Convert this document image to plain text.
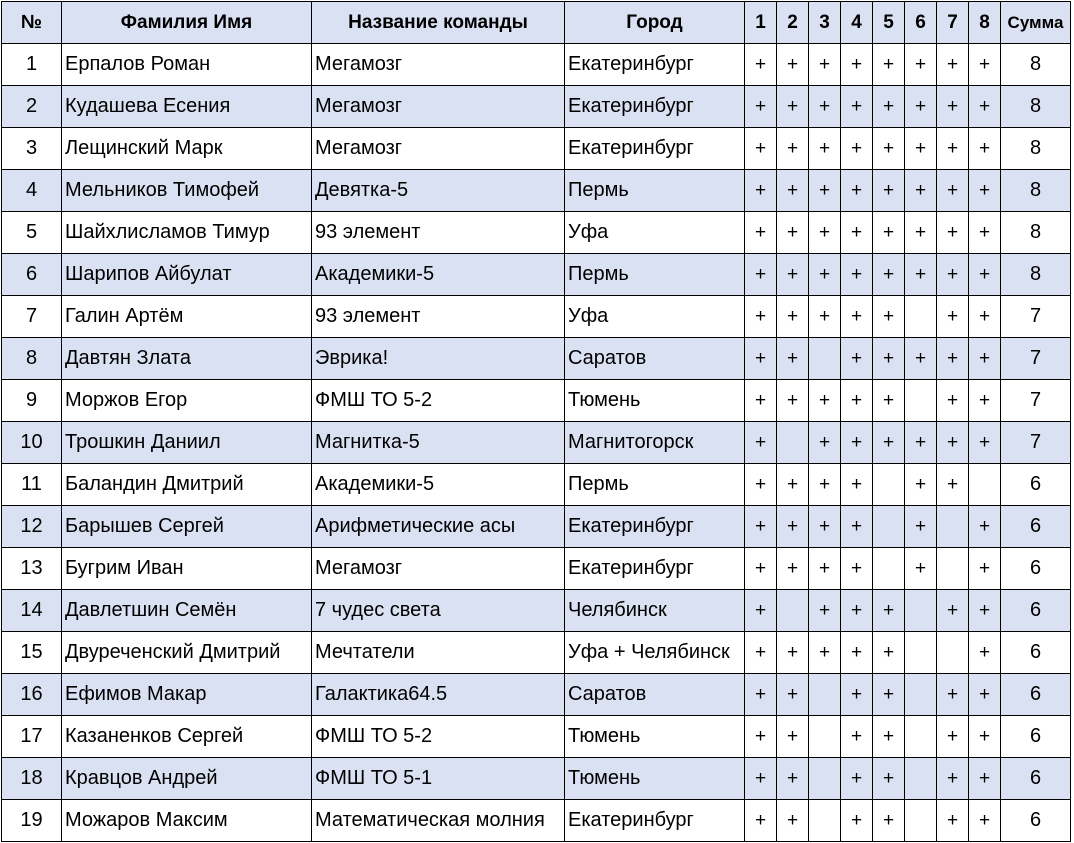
№	Фамилия Имя	Название команды	Город	1	2	3	4	5	6	7	8	Сумма
1	Ерпалов Роман	Мегамозг	Екатеринбург	+	+	+	+	+	+	+	+	8
2	Кудашева Есения	Мегамозг	Екатеринбург	+	+	+	+	+	+	+	+	8
3	Лещинский Марк	Мегамозг	Екатеринбург	+	+	+	+	+	+	+	+	8
4	Мельников Тимофей	Девятка-5	Пермь	+	+	+	+	+	+	+	+	8
5	Шайхлисламов Тимур	93 элемент	Уфа	+	+	+	+	+	+	+	+	8
6	Шарипов Айбулат	Академики-5	Пермь	+	+	+	+	+	+	+	+	8
7	Галин Артём	93 элемент	Уфа	+	+	+	+	+		+	+	7
8	Давтян Злата	Эврика!	Саратов	+	+		+	+	+	+	+	7
9	Моржов Егор	ФМШ ТО 5-2	Тюмень	+	+	+	+	+		+	+	7
10	Трошкин Даниил	Магнитка-5	Магнитогорск	+		+	+	+	+	+	+	7
11	Баландин Дмитрий	Академики-5	Пермь	+	+	+	+		+	+		6
12	Барышев Сергей	Арифметические асы	Екатеринбург	+	+	+	+		+		+	6
13	Бугрим Иван	Мегамозг	Екатеринбург	+	+	+	+		+		+	6
14	Давлетшин Семён	7 чудес света	Челябинск	+		+	+	+		+	+	6
15	Двуреченский Дмитрий	Мечтатели	Уфа + Челябинск	+	+	+	+	+			+	6
16	Ефимов Макар	Галактика64.5	Саратов	+	+		+	+		+	+	6
17	Казаненков Сергей	ФМШ ТО 5-2	Тюмень	+	+		+	+		+	+	6
18	Кравцов Андрей	ФМШ ТО 5-1	Тюмень	+	+		+	+		+	+	6
19	Можаров Максим	Математическая молния	Екатеринбург	+	+		+	+		+	+	6
